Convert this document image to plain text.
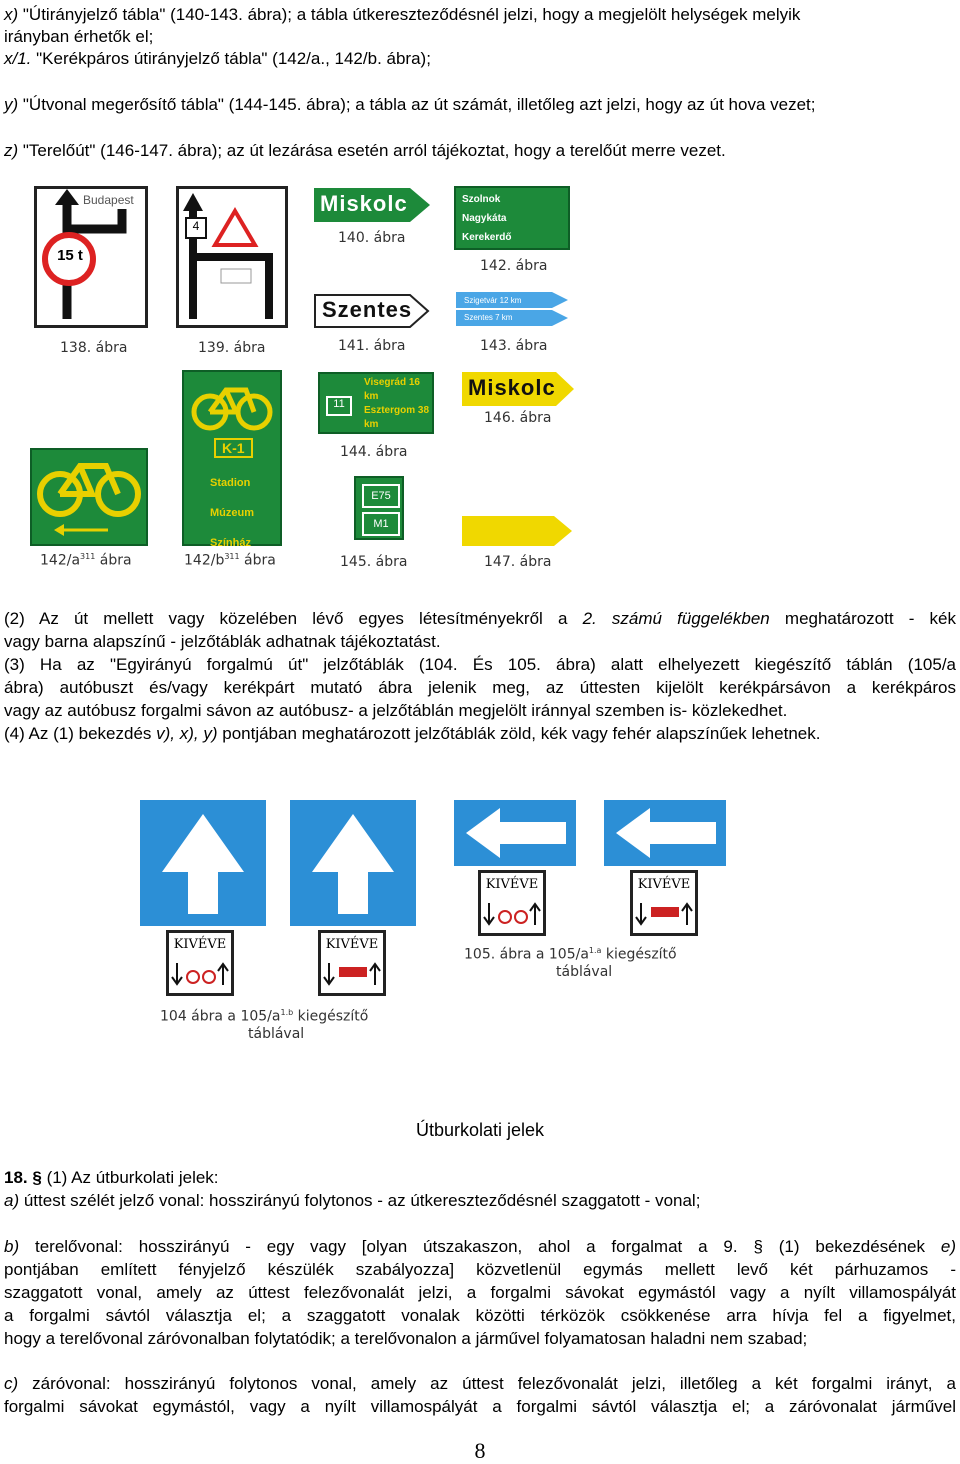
x) "Útirányjelző tábla" (140-143. ábra); a tábla útkereszteződésnél jelzi, hogy a megjelölt helységek melyik
irányban érhetők el;
x/1. "Kerékpáros útirányjelző tábla" (142/a., 142/b. ábra);
y) "Útvonal megerősítő tábla" (144-145. ábra); a tábla az út számát, illetőleg azt jelzi, hogy az út hova vezet;
z) "Terelőút" (146-147. ábra); az út lezárása esetén arról tájékoztat, hogy a terelőút merre vezet.
Budapest
15 t
138. ábra
4
139. ábra
Miskolc
140. ábra
Szolnok
Nagykáta
Kerekerdő
142. ábra
Szentes
141. ábra
Szigetvár 12 km
Szentes 7 km
143. ábra
K-1
Stadion
Múzeum
Színház
$142/b^{311}$ ábra
11
Visegrád 16 km
Esztergom 38 km
144. ábra
E75
M1
145. ábra
Miskolc
146. ábra
147. ábra
$142/a^{311}$ ábra
(2) Az út mellett vagy közelében lévő egyes létesítményekről a 2. számú függelékben meghatározott - kék
vagy barna alapszínű - jelzőtáblák adhatnak tájékoztatást.
(3) Ha az "Egyirányú forgalmú út" jelzőtáblák (104. És 105. ábra) alatt elhelyezett kiegészítő táblán (105/a
ábra) autóbuszt és/vagy kerékpárt mutató ábra jelenik meg, az úttesten kijelölt kerékpársávon a kerékpáros
vagy az autóbusz forgalmi sávon az autóbusz- a jelzőtáblán megjelölt iránnyal szemben is- közlekedhet.
(4) Az (1) bekezdés v), x), y) pontjában meghatározott jelzőtáblák zöld, kék vagy fehér alapszínűek lehetnek.
KIVÉVE	KIVÉVE
KIVÉVE	KIVÉVE
105. ábra a $105/a^{1.a}$ kiegészítő
táblával
104 ábra a $105/a^{1.b}$ kiegészítő
táblával
Útburkolati jelek
18. § (1) Az útburkolati jelek:
a) úttest szélét jelző vonal: hosszirányú folytonos - az útkereszteződésnél szaggatott - vonal;
b) terelővonal: hosszirányú - egy vagy [olyan útszakaszon, ahol a forgalmat a 9. § (1) bekezdésének e)
pontjában említett fényjelző készülék szabályozza] közvetlenül egymás mellett levő két párhuzamos -
szaggatott vonal, amely az úttest felezővonalát jelzi, a forgalmi sávokat egymástól vagy a nyílt villamospályát
a forgalmi sávtól választja el; a szaggatott vonalak közötti térközök csökkenése arra hívja fel a figyelmet,
hogy a terelővonal záróvonalban folytatódik; a terelővonalon a járművel folyamatosan haladni nem szabad;
c) záróvonal: hosszirányú folytonos vonal, amely az úttest felezővonalát jelzi, illetőleg a két forgalmi irányt, a
forgalmi sávokat egymástól, vagy a nyílt villamospályát a forgalmi sávtól választja el; a záróvonalat járművel
8
